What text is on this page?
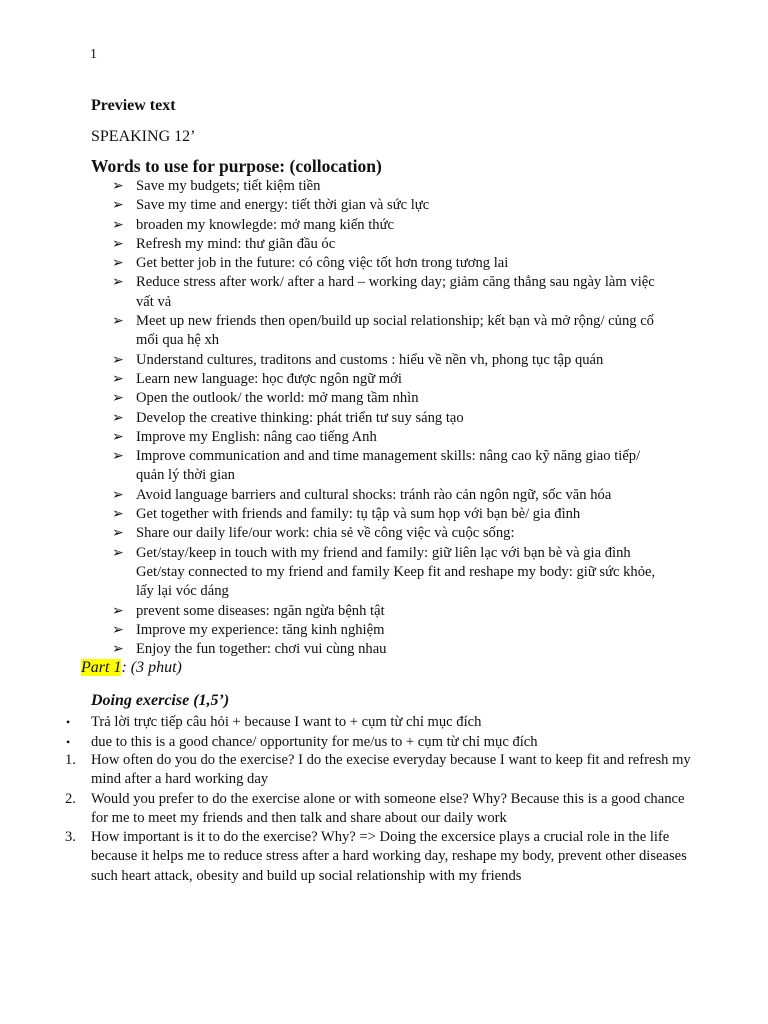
1
Preview text
SPEAKING 12’
Words to use for purpose: (collocation)
➢ Save my budgets; tiết kiệm tiền
➢ Save my time and energy: tiết thời gian và sức lực
➢ broaden my knowlegde: mở mang kiến thức
➢ Refresh my mind: thư giãn đầu óc
➢ Get better job in the future: có công việc tốt hơn trong tương lai
➢ Reduce stress after work/ after a hard – working day; giảm căng thẳng sau ngày làm việc vất vả
➢ Meet up new friends then open/build up social relationship; kết bạn và mở rộng/ củng cố mối qua hệ xh
➢ Understand cultures, traditons and customs : hiểu về nền vh, phong tục tập quán
➢ Learn new language: học được ngôn ngữ mới
➢ Open the outlook/ the world: mở mang tầm nhìn
➢ Develop the creative thinking: phát triển tư suy sáng tạo
➢ Improve my English: nâng cao tiếng Anh
➢ Improve communication and and time management skills: nâng cao kỹ năng giao tiếp/ quản lý thời gian
➢ Avoid language barriers and cultural shocks: tránh rào cản ngôn ngữ, sốc văn hóa
➢ Get together with friends and family: tụ tập và sum họp với bạn bè/ gia đình
➢ Share our daily life/our work: chia sẻ về công việc và cuộc sống:
➢ Get/stay/keep in touch with my friend and family: giữ liên lạc với bạn bè và gia đình Get/stay connected to my friend and family Keep fit and reshape my body: giữ sức khỏe, lấy lại vóc dáng
➢ prevent some diseases: ngăn ngừa bệnh tật
➢ Improve my experience: tăng kinh nghiệm
➢ Enjoy the fun together: chơi vui cùng nhau
Part 1: (3 phut)
Doing exercise (1,5’)
• Trả lời trực tiếp câu hỏi + because I want to + cụm từ chỉ mục đích
• due to this is a good chance/ opportunity for me/us to + cụm từ chỉ mục đích
1. How often do you do the exercise? I do the execise everyday because I want to keep fit and refresh my mind after a hard working day
2. Would you prefer to do the exercise alone or with someone else? Why? Because this is a good chance for me to meet my friends and then talk and share about our daily work
3. How important is it to do the exercise? Why? => Doing the excersice plays a crucial role in the life because it helps me to reduce stress after a hard working day, reshape my body, prevent other diseases such heart attack, obesity and build up social relationship with my friends
